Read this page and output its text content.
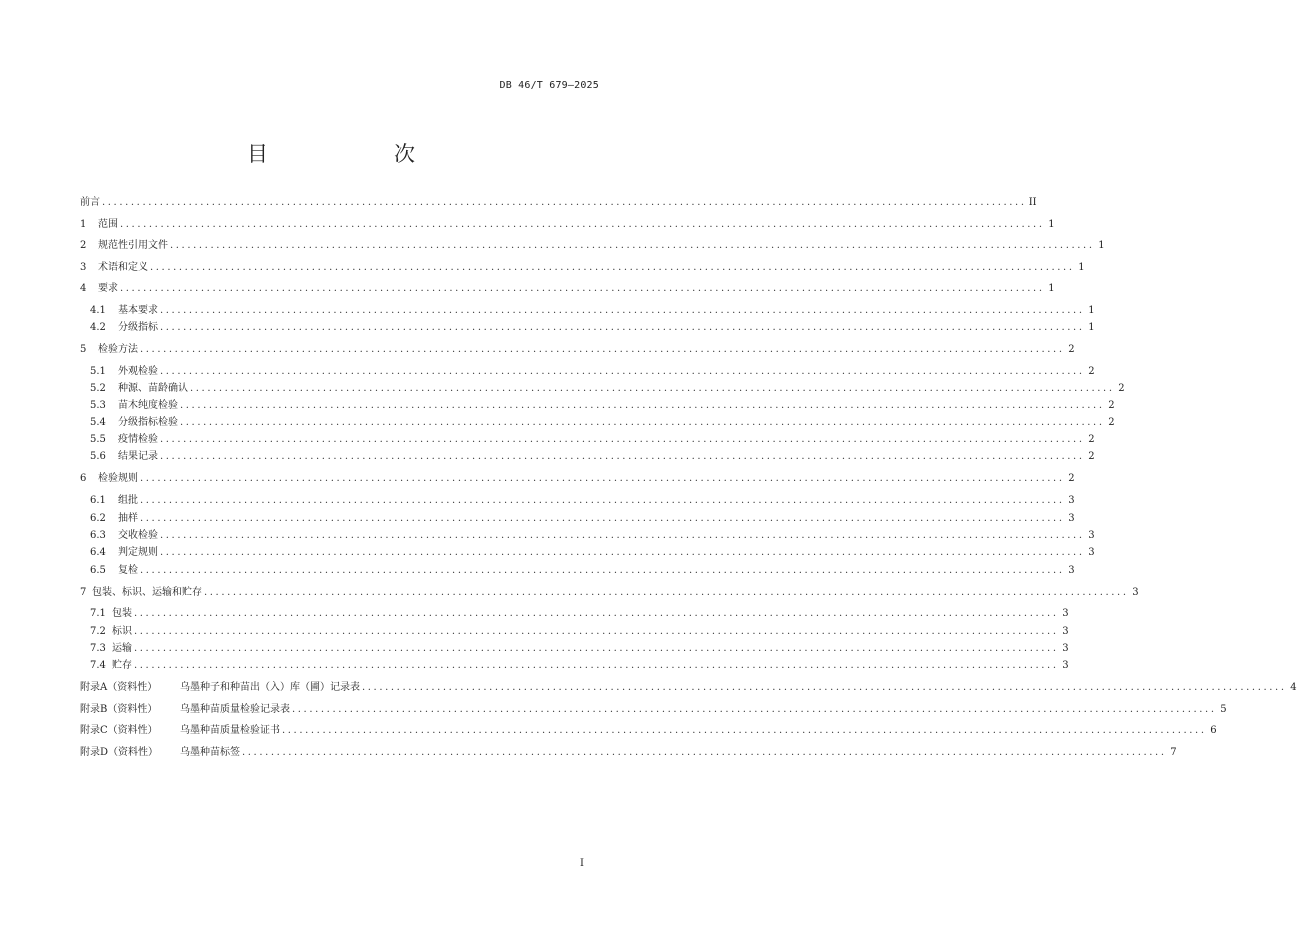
DB 46/T 679—2025
目　　次
前言 ................................................................................................................................................................ II
1	范围 ................................................................................................................................................................ 1
2	规范性引用文件 ................................................................................................................................................................ 1
3	术语和定义 ................................................................................................................................................................ 1
4	要求 ................................................................................................................................................................ 1
4.1	基本要求 ................................................................................................................................................................ 1
4.2	分级指标 ................................................................................................................................................................ 1
5	检验方法 ................................................................................................................................................................ 2
5.1	外观检验 ................................................................................................................................................................ 2
5.2	种源、苗龄确认 ................................................................................................................................................................ 2
5.3	苗木纯度检验 ................................................................................................................................................................ 2
5.4	分级指标检验 ................................................................................................................................................................ 2
5.5	疫情检验 ................................................................................................................................................................ 2
5.6	结果记录 ................................................................................................................................................................ 2
6	检验规则 ................................................................................................................................................................ 2
6.1	组批 ................................................................................................................................................................ 3
6.2	抽样 ................................................................................................................................................................ 3
6.3	交收检验 ................................................................................................................................................................ 3
6.4	判定规则 ................................................................................................................................................................ 3
6.5	复检 ................................................................................................................................................................ 3
7 包装、标识、运输和贮存 ................................................................................................................................................................ 3
7.1 包装 ................................................................................................................................................................ 3
7.2 标识 ................................................................................................................................................................ 3
7.3 运输 ................................................................................................................................................................ 3
7.4 贮存 ................................................................................................................................................................ 3
附录A（资料性）	乌墨种子和种苗出（入）库（圃）记录表 ................................................................................................................................................................ 4
附录B（资料性）	乌墨种苗质量检验记录表 ................................................................................................................................................................ 5
附录C（资料性）	乌墨种苗质量检验证书 ................................................................................................................................................................ 6
附录D（资料性）	乌墨种苗标签 ................................................................................................................................................................ 7
I
